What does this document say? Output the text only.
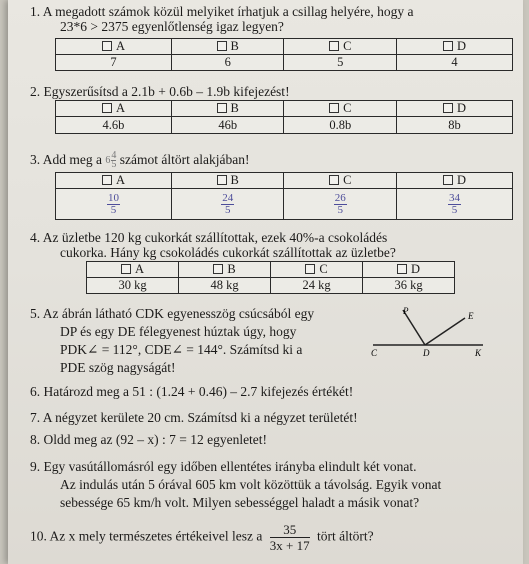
1. A megadott számok közül melyiket írhatjuk a csillag helyére, hogy a
23*6 > 2375 egyenlőtlenség igaz legyen?
A	B	C	D
7	6	5	4
2. Egyszerűsítsd a 2.1b + 0.6b – 1.9b kifejezést!
A	B	C	D
4.6b	46b	0.8b	8b
3. Add meg a $6 \frac{4}{5}$ számot áltört alakjában!
A	B	C	D

$\frac{10}{5}$	$\frac{24}{5}$	$\frac{26}{5}$	$\frac{34}{5}$
4. Az üzletbe 120 kg cukorkát szállítottak, ezek 40%-a csokoládés
cukorka. Hány kg csokoládés cukorkát szállítottak az üzletbe?
A	B	C	D
30 kg	48 kg	24 kg	36 kg
5. Az ábrán látható CDK egyenesszög csúcsából egy
DP és egy DE félegyenest húztak úgy, hogy
PDK∠ = 112°, CDE∠ = 144°. Számítsd ki a
PDE szög nagyságát!
P	E
C	D	K
6. Határozd meg a 51 : (1.24 + 0.46) – 2.7 kifejezés értékét!
7. A négyzet kerülete 20 cm. Számítsd ki a négyzet területét!
8. Oldd meg az (92 – x) : 7 = 12 egyenletet!
9. Egy vasútállomásról egy időben ellentétes irányba elindult két vonat.
Az indulás után 5 órával 605 km volt közöttük a távolság. Egyik vonat
sebessége 65 km/h volt. Milyen sebességgel haladt a másik vonat?
10. Az x mely természetes értékeivel lesz a $\frac{35}{3x + 17}$ tört áltört?
